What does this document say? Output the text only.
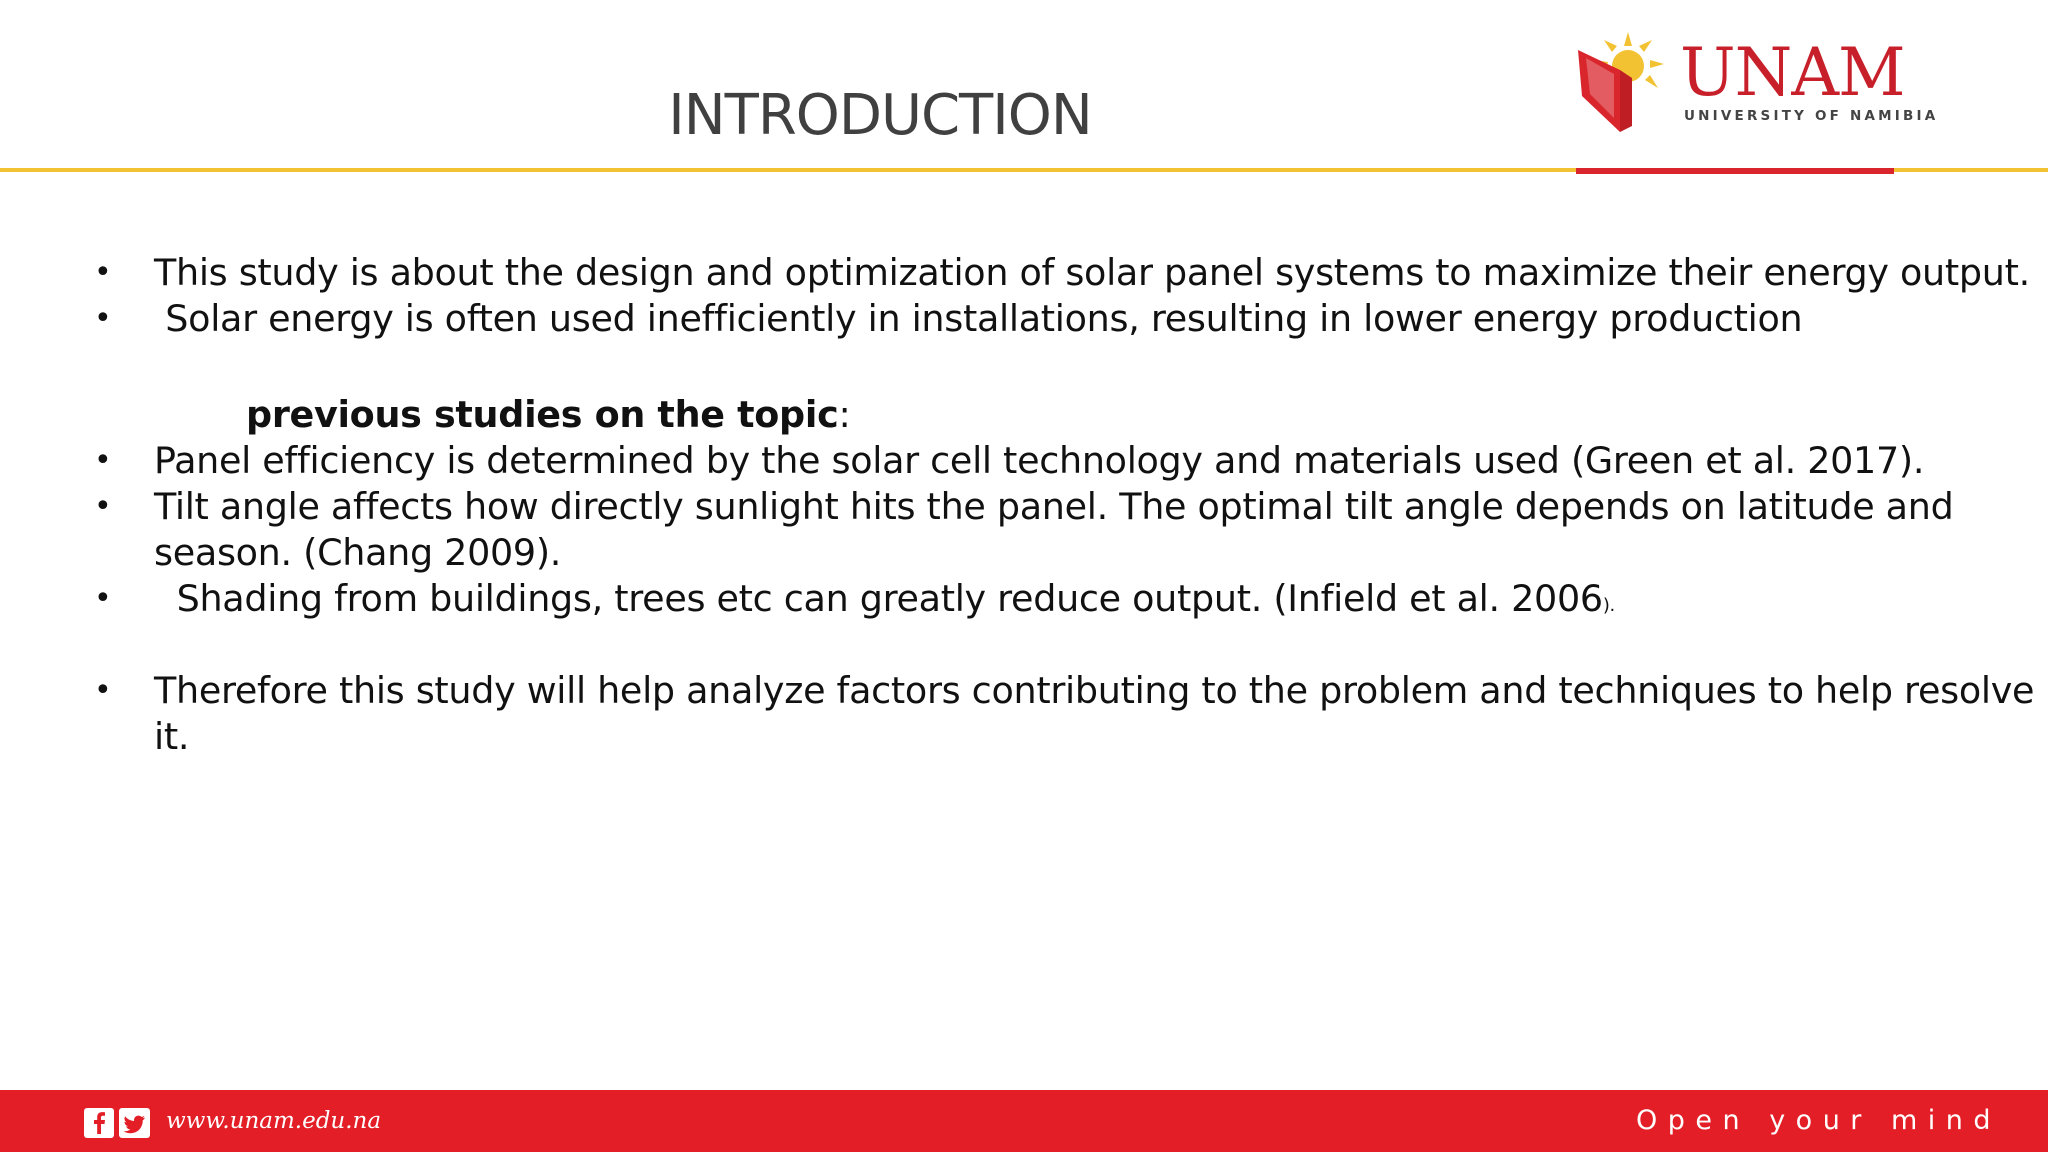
INTRODUCTION
UNAM
UNIVERSITY OF NAMIBIA
• This study is about the design and optimization of solar panel systems to maximize their energy output.
• Solar energy is often used inefficiently in installations, resulting in lower energy production
previous studies on the topic:
• Panel efficiency is determined by the solar cell technology and materials used (Green et al. 2017).
• Tilt angle affects how directly sunlight hits the panel. The optimal tilt angle depends on latitude and
season. (Chang 2009).
• Shading from buildings, trees etc can greatly reduce output. (Infield et al. 2006).
• Therefore this study will help analyze factors contributing to the problem and techniques to help resolve
it.
www.unam.edu.na	Open your mind
